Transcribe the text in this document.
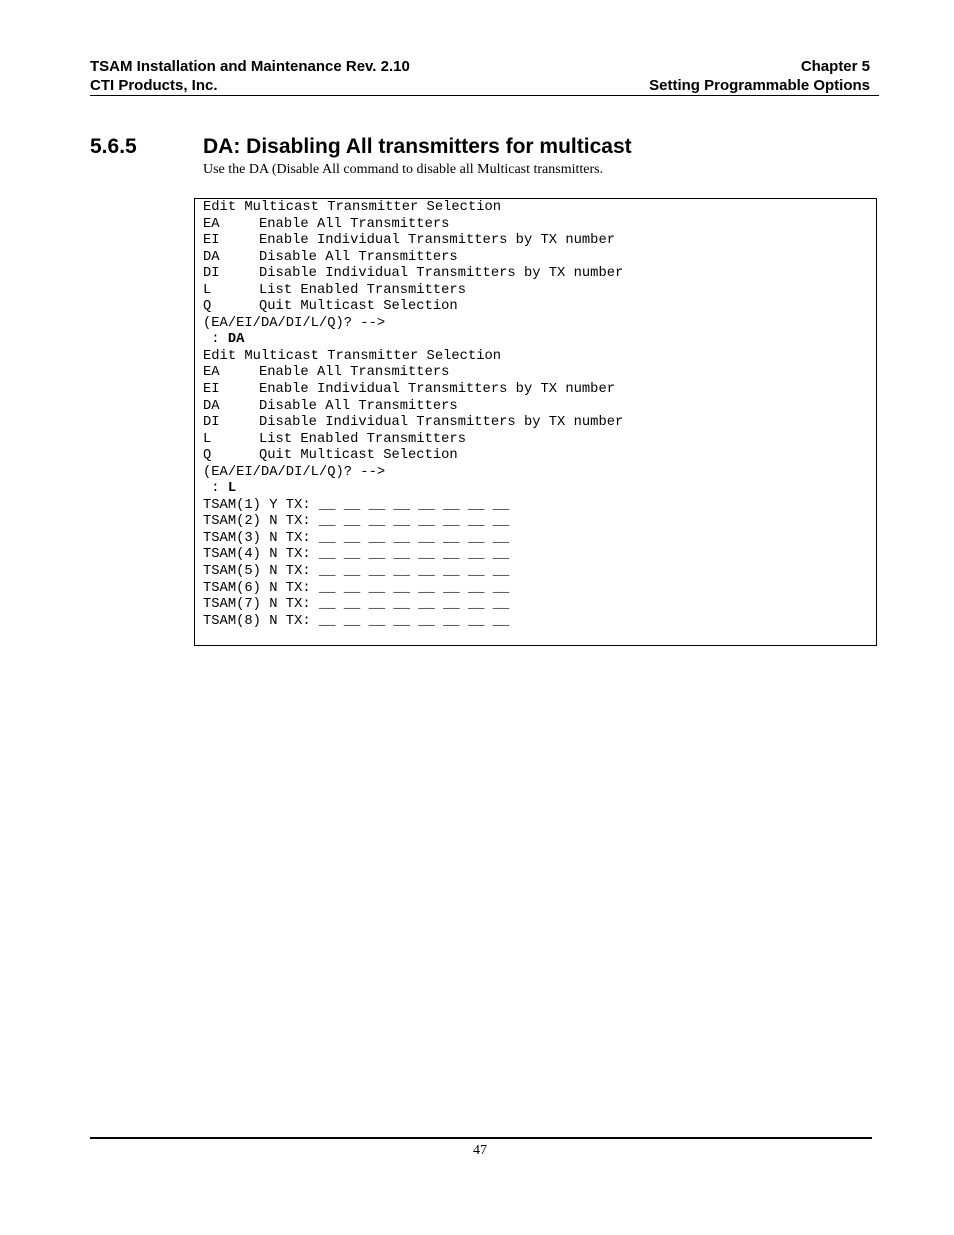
TSAM Installation and Maintenance Rev. 2.10	Chapter 5
CTI Products, Inc.	Setting Programmable Options
5.6.5	DA: Disabling All transmitters for multicast
Use the DA (Disable All command to disable all Multicast transmitters.
Edit Multicast Transmitter Selection
EA	Enable All Transmitters
EI	Enable Individual Transmitters by TX number
DA	Disable All Transmitters
DI	Disable Individual Transmitters by TX number
L	List Enabled Transmitters
Q	Quit Multicast Selection
(EA/EI/DA/DI/L/Q)? -->
: DA
Edit Multicast Transmitter Selection
EA	Enable All Transmitters
EI	Enable Individual Transmitters by TX number
DA	Disable All Transmitters
DI	Disable Individual Transmitters by TX number
L	List Enabled Transmitters
Q	Quit Multicast Selection
(EA/EI/DA/DI/L/Q)? -->
: L
TSAM(1) Y TX: __ __ __ __ __ __ __ __
TSAM(2) N TX: __ __ __ __ __ __ __ __
TSAM(3) N TX: __ __ __ __ __ __ __ __
TSAM(4) N TX: __ __ __ __ __ __ __ __
TSAM(5) N TX: __ __ __ __ __ __ __ __
TSAM(6) N TX: __ __ __ __ __ __ __ __
TSAM(7) N TX: __ __ __ __ __ __ __ __
TSAM(8) N TX: __ __ __ __ __ __ __ __
47
